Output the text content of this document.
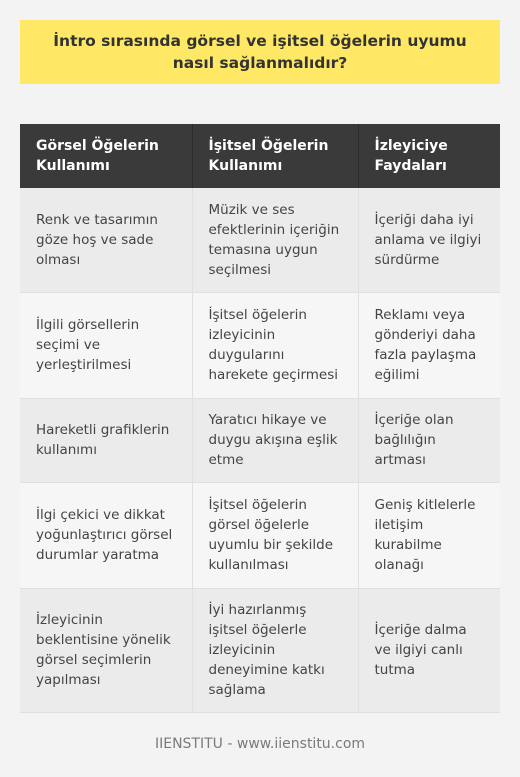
İntro sırasında görsel ve işitsel öğelerin uyumu nasıl sağlanmalıdır?
Görsel Öğelerin Kullanımı	İşitsel Öğelerin Kullanımı	İzleyiciye Faydaları
Renk ve tasarımın göze hoş ve sade olması	Müzik ve ses efektlerinin içeriğin temasına uygun seçilmesi	İçeriği daha iyi anlama ve ilgiyi sürdürme
İlgili görsellerin seçimi ve yerleştirilmesi	İşitsel öğelerin izleyicinin duygularını harekete geçirmesi	Reklamı veya gönderiyi daha fazla paylaşma eğilimi
Hareketli grafiklerin kullanımı	Yaratıcı hikaye ve duygu akışına eşlik etme	İçeriğe olan bağlılığın artması
İlgi çekici ve dikkat yoğunlaştırıcı görsel durumlar yaratma	İşitsel öğelerin görsel öğelerle uyumlu bir şekilde kullanılması	Geniş kitlelerle iletişim kurabilme olanağı
İzleyicinin beklentisine yönelik görsel seçimlerin yapılması	İyi hazırlanmış işitsel öğelerle izleyicinin deneyimine katkı sağlama	İçeriğe dalma ve ilgiyi canlı tutma
IIENSTITU - www.iienstitu.com
